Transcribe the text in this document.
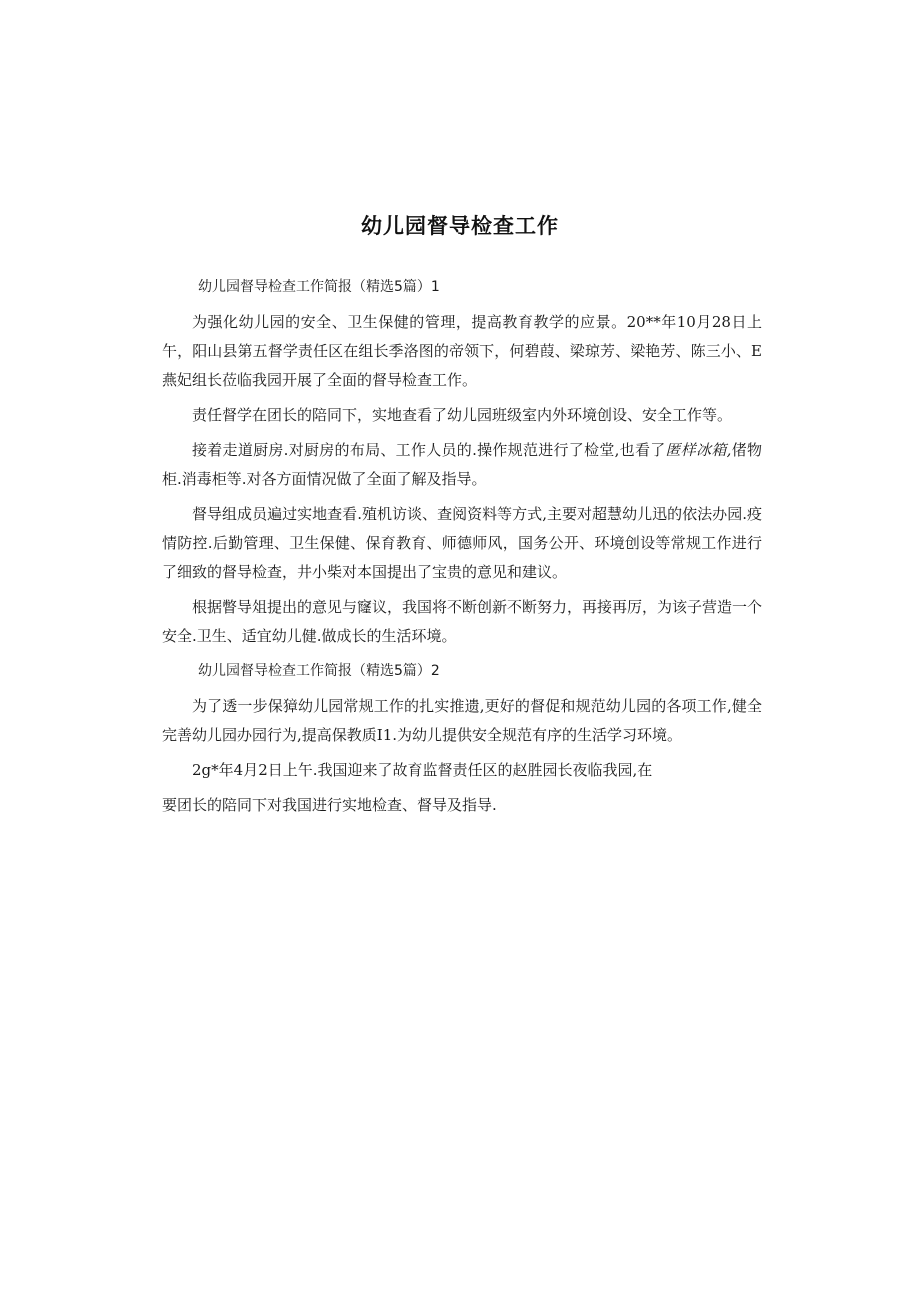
幼儿园督导检查工作

幼儿园督导检查工作简报（精选5篇）1

为强化幼儿园的安全、卫生保健的管理，提高教育教学的应景。20**年10月28日上午，阳山县第五督学责任区在组长季洛图的帝领下，何碧葭、梁琼芳、梁艳芳、陈三小、E燕妃组长莅临我园开展了全面的督导检查工作。

责任督学在团长的陪同下，实地查看了幼儿园班级室内外环境创设、安全工作等。

接着走道厨房.对厨房的布局、工作人员的.操作规范进行了检堂,也看了匿样冰箱,偖物柜.消毒柜等.对各方面情况做了全面了解及指导。

督导组成员遍过实地查看.殖机访谈、查阅资料等方式,主要对超慧幼儿迅的依法办园.疫情防控.后勤管理、卫生保健、保育教育、师德师风，国务公开、环境创设等常规工作进行了细致的督导检查，井小柴对本国提出了宝贵的意见和建议。

根据瞥导俎提出的意见与窿议，我国将不断创新不断努力，再接再厉，为该子营造一个安全.卫生、适宜幼儿健.做成长的生活环境。

幼儿园督导检查工作简报（精选5篇）2

为了透一步保獐幼儿园常规工作的扎实推遗,更好的督促和规范幼儿园的各项工作,健全完善幼儿园办园行为,提高保教质I1.为幼儿提供安全规范有序的生活学习环境。

2g*年4月2日上午.我国迎来了故育监督责任区的赵胜园长夜临我园,在

要团长的陪同下对我国进行实地检查、督导及指导.
